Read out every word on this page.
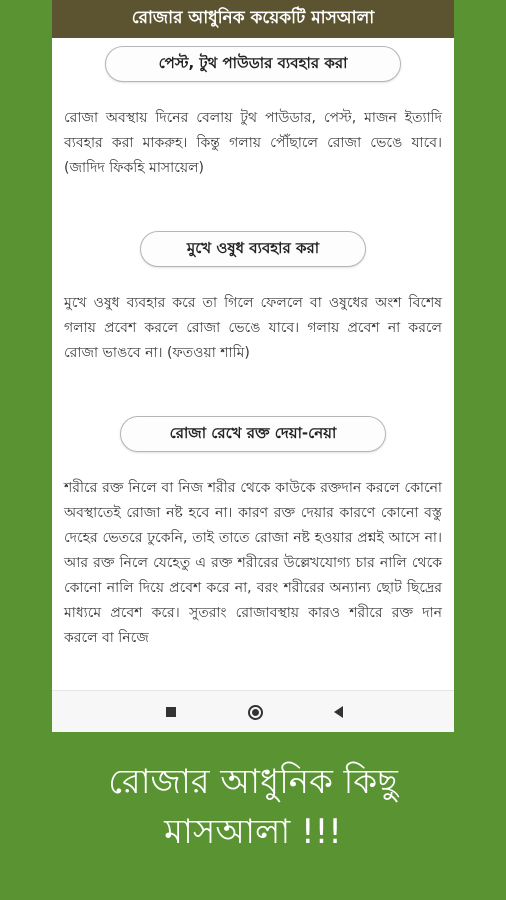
রোজার আধুনিক কয়েকটি মাসআলা
পেস্ট, টুথ পাউডার ব্যবহার করা

রোজা অবস্থায় দিনের বেলায় টুথ পাউডার, পেস্ট, মাজন ইত্যাদি ব্যবহার করা মাকরুহ। কিন্তু গলায় পৌঁছালে রোজা ভেঙে যাবে। (জাদিদ ফিকহি মাসায়েল)

মুখে ওষুধ ব্যবহার করা

মুখে ওষুধ ব্যবহার করে তা গিলে ফেললে বা ওষুধের অংশ বিশেষ গলায় প্রবেশ করলে রোজা ভেঙে যাবে। গলায় প্রবেশ না করলে রোজা ভাঙবে না। (ফতওয়া শামি)

রোজা রেখে রক্ত দেয়া-নেয়া

শরীরে রক্ত নিলে বা নিজ শরীর থেকে কাউকে রক্তদান করলে কোনো অবস্থাতেই রোজা নষ্ট হবে না। কারণ রক্ত দেয়ার কারণে কোনো বস্তু দেহের ভেতরে ঢুকেনি, তাই তাতে রোজা নষ্ট হওয়ার প্রশ্নই আসে না। আর রক্ত নিলে যেহেতু এ রক্ত শরীরের উল্লেখযোগ্য চার নালি থেকে কোনো নালি দিয়ে প্রবেশ করে না, বরং শরীরের অন্যান্য ছোট ছিদ্রের মাধ্যমে প্রবেশ করে। সুতরাং রোজাবস্থায় কারও শরীরে রক্ত দান করলে বা নিজে

রোজার আধুনিক কিছু
মাসআলা !!!
